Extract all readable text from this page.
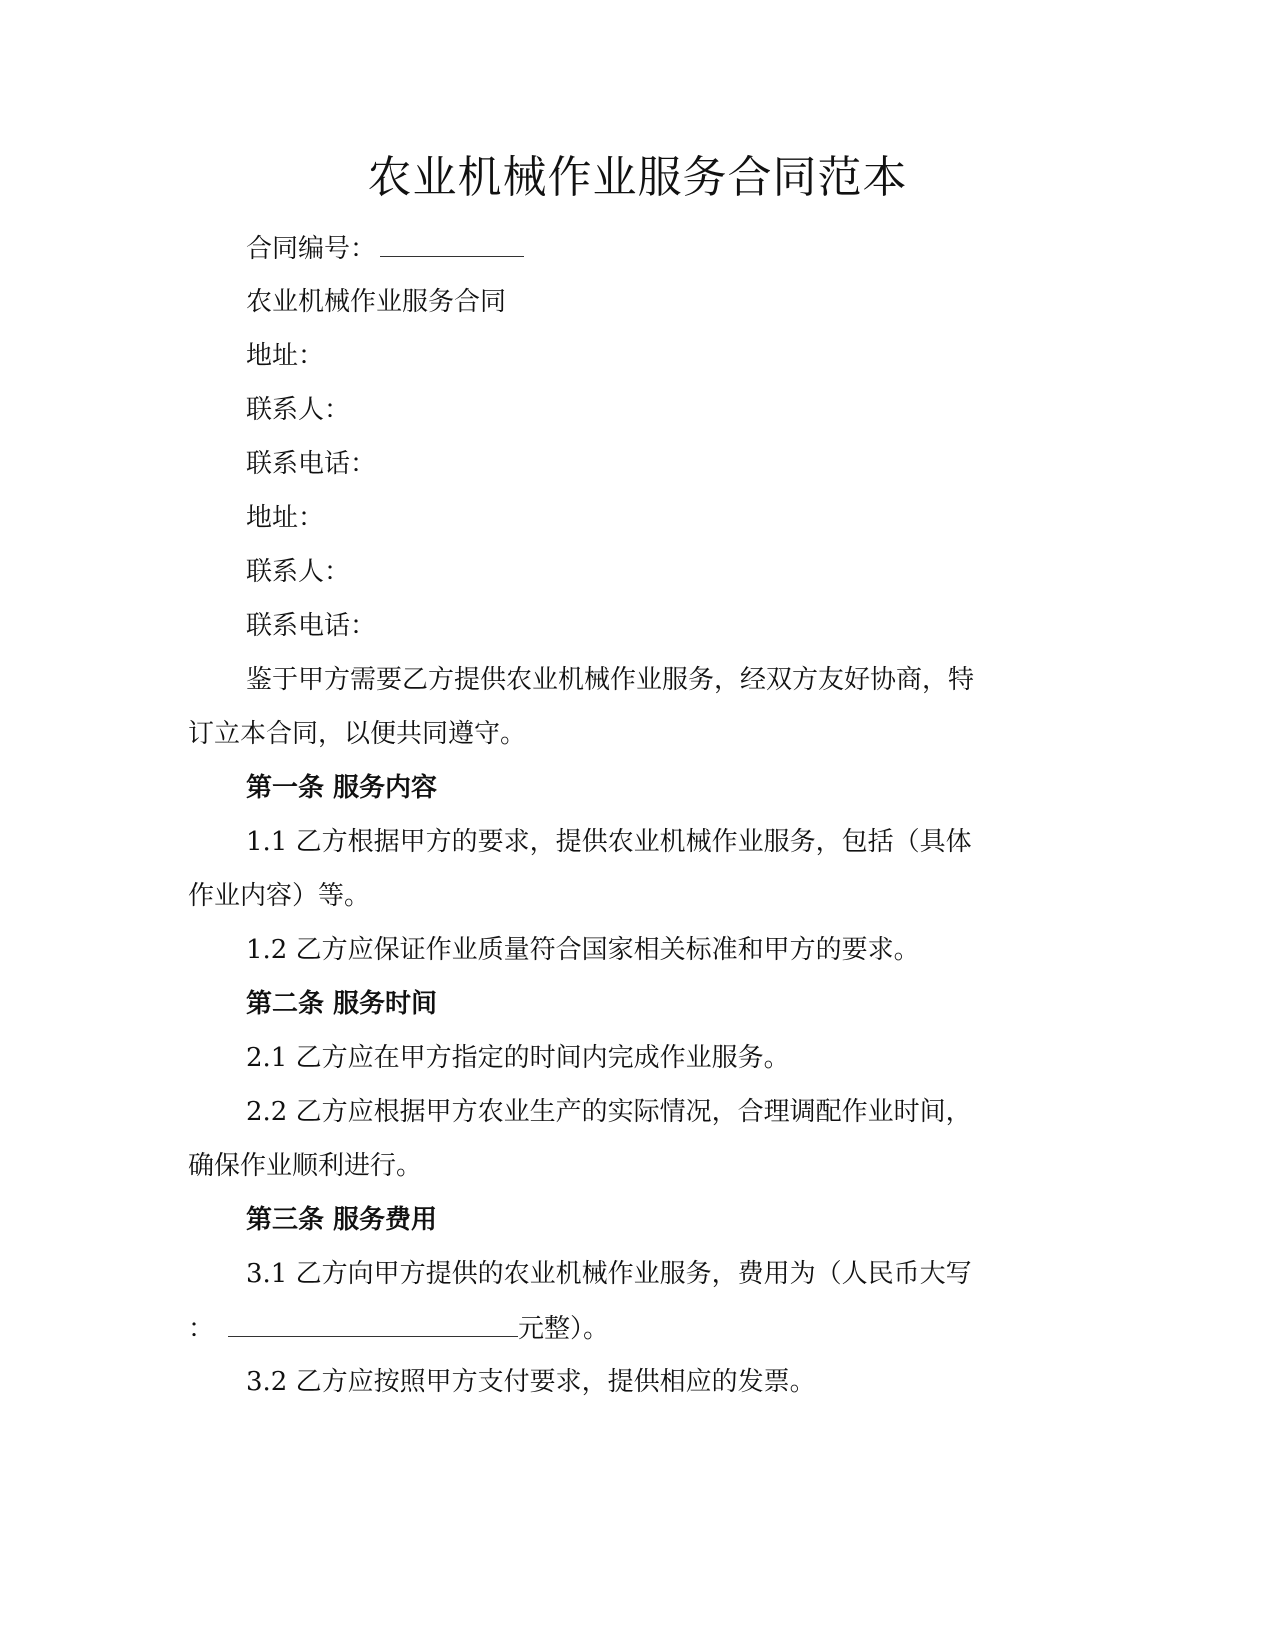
农业机械作业服务合同范本
合同编号：
农业机械作业服务合同
地址：
联系人：
联系电话：
地址：
联系人：
联系电话：
鉴于甲方需要乙方提供农业机械作业服务，经双方友好协商，特
订立本合同，以便共同遵守。
第一条 服务内容
1.1 乙方根据甲方的要求，提供农业机械作业服务，包括（具体
作业内容）等。
1.2 乙方应保证作业质量符合国家相关标准和甲方的要求。
第二条 服务时间
2.1 乙方应在甲方指定的时间内完成作业服务。
2.2 乙方应根据甲方农业生产的实际情况，合理调配作业时间，
确保作业顺利进行。
第三条 服务费用
3.1 乙方向甲方提供的农业机械作业服务，费用为（人民币大写
：	元整）。
3.2 乙方应按照甲方支付要求，提供相应的发票。
